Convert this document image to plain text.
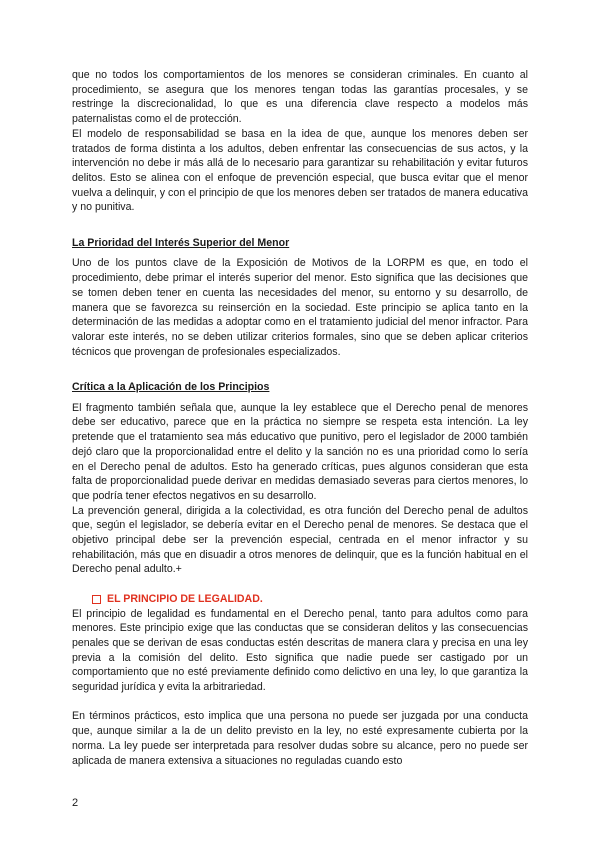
que no todos los comportamientos de los menores se consideran criminales. En cuanto al procedimiento, se asegura que los menores tengan todas las garantías procesales, y se restringe la discrecionalidad, lo que es una diferencia clave respecto a modelos más paternalistas como el de protección.

El modelo de responsabilidad se basa en la idea de que, aunque los menores deben ser tratados de forma distinta a los adultos, deben enfrentar las consecuencias de sus actos, y la intervención no debe ir más allá de lo necesario para garantizar su rehabilitación y evitar futuros delitos. Esto se alinea con el enfoque de prevención especial, que busca evitar que el menor vuelva a delinquir, y con el principio de que los menores deben ser tratados de manera educativa y no punitiva.

La Prioridad del Interés Superior del Menor

Uno de los puntos clave de la Exposición de Motivos de la LORPM es que, en todo el procedimiento, debe primar el interés superior del menor. Esto significa que las decisiones que se tomen deben tener en cuenta las necesidades del menor, su entorno y su desarrollo, de manera que se favorezca su reinserción en la sociedad. Este principio se aplica tanto en la determinación de las medidas a adoptar como en el tratamiento judicial del menor infractor. Para valorar este interés, no se deben utilizar criterios formales, sino que se deben aplicar criterios técnicos que provengan de profesionales especializados.

Crítica a la Aplicación de los Principios

El fragmento también señala que, aunque la ley establece que el Derecho penal de menores debe ser educativo, parece que en la práctica no siempre se respeta esta intención. La ley pretende que el tratamiento sea más educativo que punitivo, pero el legislador de 2000 también dejó claro que la proporcionalidad entre el delito y la sanción no es una prioridad como lo sería en el Derecho penal de adultos. Esto ha generado críticas, pues algunos consideran que esta falta de proporcionalidad puede derivar en medidas demasiado severas para ciertos menores, lo que podría tener efectos negativos en su desarrollo.

La prevención general, dirigida a la colectividad, es otra función del Derecho penal de adultos que, según el legislador, se debería evitar en el Derecho penal de menores. Se destaca que el objetivo principal debe ser la prevención especial, centrada en el menor infractor y su rehabilitación, más que en disuadir a otros menores de delinquir, que es la función habitual en el Derecho penal adulto.+

EL PRINCIPIO DE LEGALIDAD.

El principio de legalidad es fundamental en el Derecho penal, tanto para adultos como para menores. Este principio exige que las conductas que se consideran delitos y las consecuencias penales que se derivan de esas conductas estén descritas de manera clara y precisa en una ley previa a la comisión del delito. Esto significa que nadie puede ser castigado por un comportamiento que no esté previamente definido como delictivo en una ley, lo que garantiza la seguridad jurídica y evita la arbitrariedad.

En términos prácticos, esto implica que una persona no puede ser juzgada por una conducta que, aunque similar a la de un delito previsto en la ley, no esté expresamente cubierta por la norma. La ley puede ser interpretada para resolver dudas sobre su alcance, pero no puede ser aplicada de manera extensiva a situaciones no reguladas cuando esto

2
